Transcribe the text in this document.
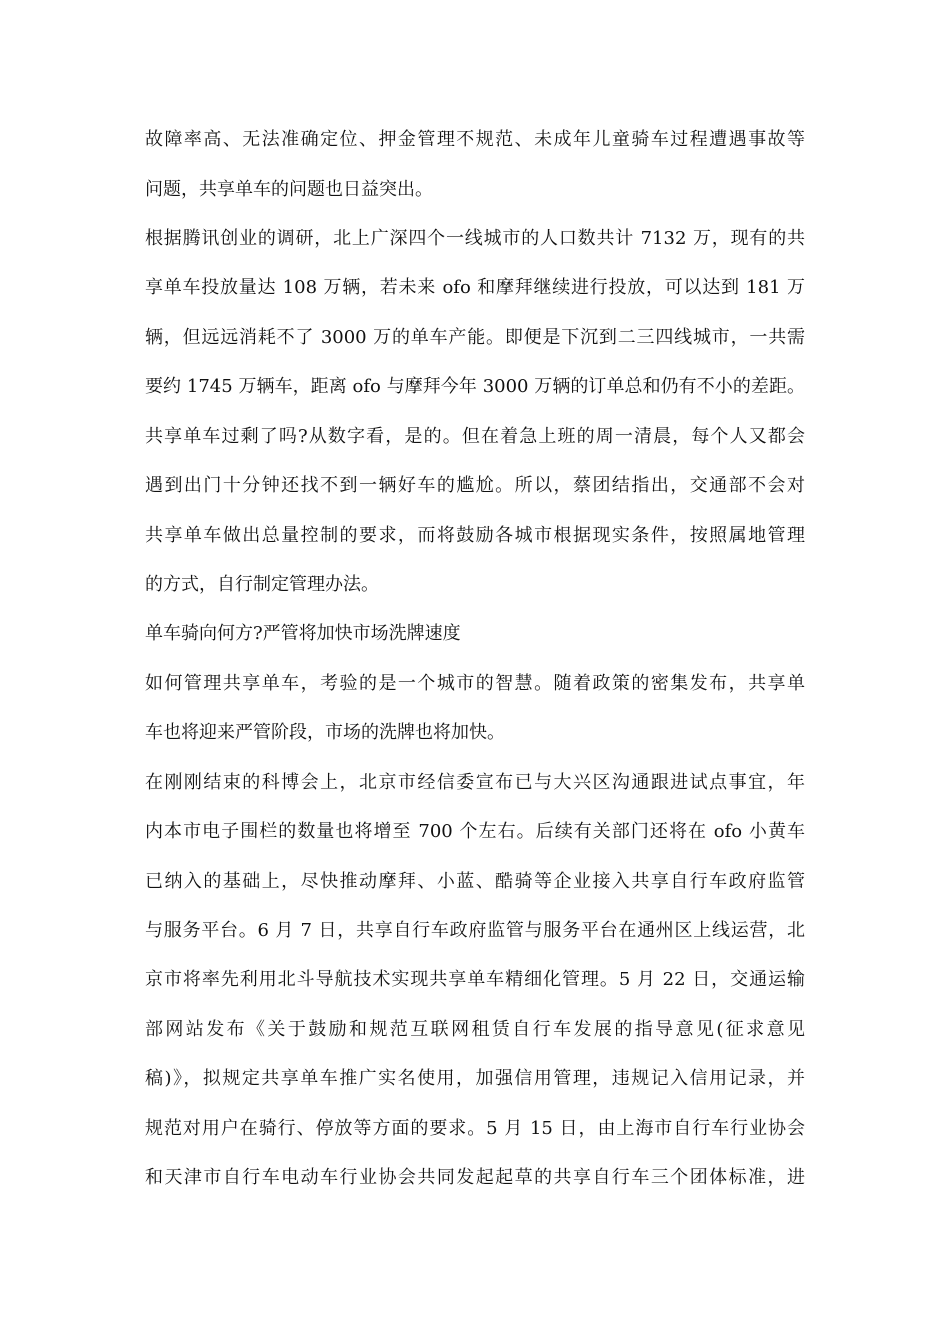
故障率高、无法准确定位、押金管理不规范、未成年儿童骑车过程遭遇事故等

问题，共享单车的问题也日益突出。

根据腾讯创业的调研，北上广深四个一线城市的人口数共计 7132 万，现有的共

享单车投放量达 108 万辆，若未来 ofo 和摩拜继续进行投放，可以达到 181 万

辆，但远远消耗不了 3000 万的单车产能。即便是下沉到二三四线城市，一共需

要约 1745 万辆车，距离 ofo 与摩拜今年 3000 万辆的订单总和仍有不小的差距。

共享单车过剩了吗?从数字看，是的。但在着急上班的周一清晨，每个人又都会

遇到出门十分钟还找不到一辆好车的尴尬。所以，蔡团结指出，交通部不会对

共享单车做出总量控制的要求，而将鼓励各城市根据现实条件，按照属地管理

的方式，自行制定管理办法。

单车骑向何方?严管将加快市场洗牌速度

如何管理共享单车，考验的是一个城市的智慧。随着政策的密集发布，共享单

车也将迎来严管阶段，市场的洗牌也将加快。

在刚刚结束的科博会上，北京市经信委宣布已与大兴区沟通跟进试点事宜，年

内本市电子围栏的数量也将增至 700 个左右。后续有关部门还将在 ofo 小黄车

已纳入的基础上，尽快推动摩拜、小蓝、酷骑等企业接入共享自行车政府监管

与服务平台。6 月 7 日，共享自行车政府监管与服务平台在通州区上线运营，北

京市将率先利用北斗导航技术实现共享单车精细化管理。5 月 22 日，交通运输

部网站发布《关于鼓励和规范互联网租赁自行车发展的指导意见(征求意见

稿)》，拟规定共享单车推广实名使用，加强信用管理，违规记入信用记录，并

规范对用户在骑行、停放等方面的要求。5 月 15 日，由上海市自行车行业协会

和天津市自行车电动车行业协会共同发起起草的共享自行车三个团体标准，进
